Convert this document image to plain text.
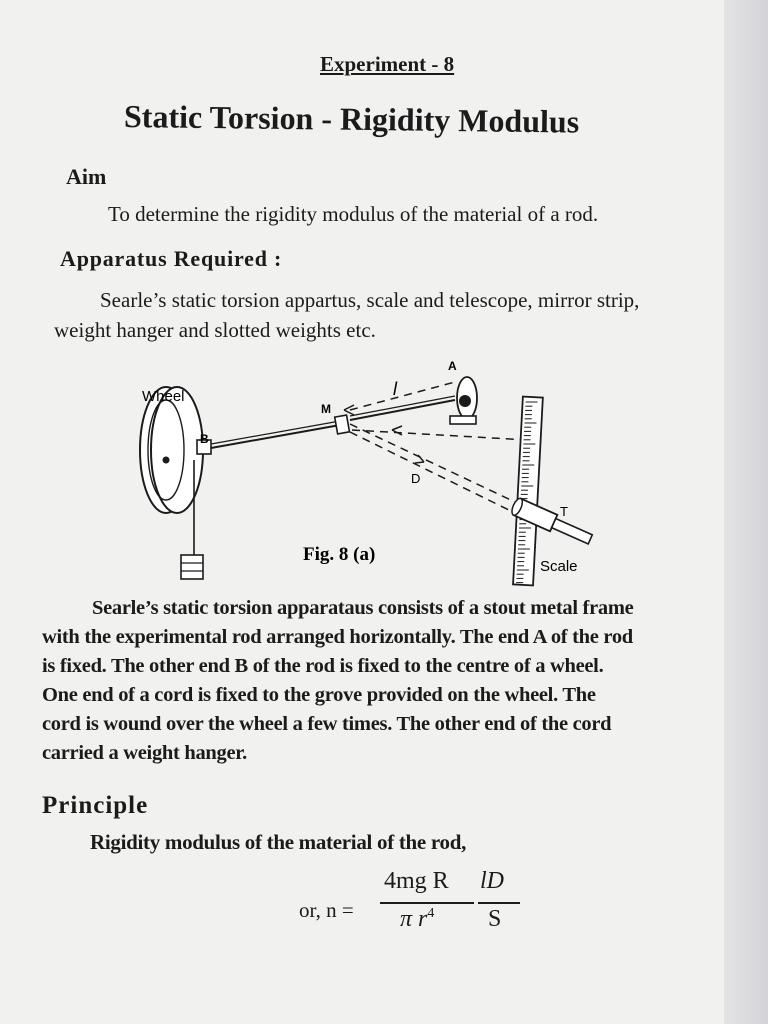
Experiment - 8
Static Torsion - Rigidity Modulus
Aim
To determine the rigidity modulus of the material of a rod.
Apparatus Required :
Searle’s static torsion appartus, scale and telescope, mirror strip,
weight hanger and slotted weights etc.
Wheel
A
B
M
l
D
T
Scale
Fig. 8 (a)

Searle’s static torsion apparataus consists of a stout metal frame

with the experimental rod arranged horizontally. The end A of the rod

is fixed. The other end B of the rod is fixed to the centre of a wheel.

One end of a cord is fixed to the grove provided on the wheel. The

cord is wound over the wheel a few times. The other end of the cord

carried a weight hanger.

Principle
Rigidity modulus of the material of the rod,
or, n =
4mg R
π $r^4$
lD
S
